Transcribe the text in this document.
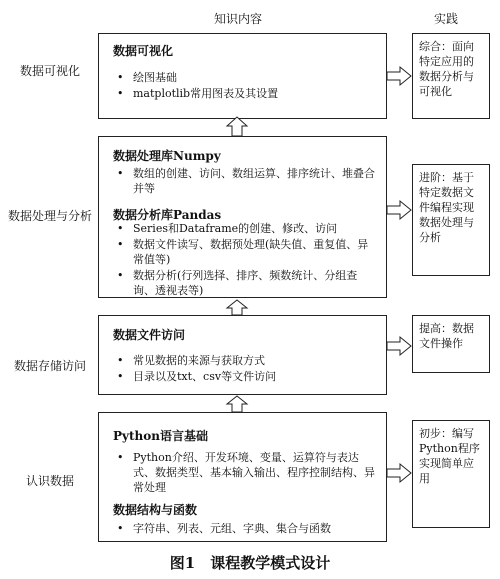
知识内容	实践
数据可视化
数据处理与分析
数据存储访问
认识数据
数据可视化
• 绘图基础
• matplotlib常用图表及其设置
数据处理库Numpy
• 数组的创建、访问、数组运算、排序统计、堆叠合并等
数据分析库Pandas
• Series和Dataframe的创建、修改、访问
• 数据文件读写、数据预处理(缺失值、重复值、异常值等)
• 数据分析(行列选择、排序、频数统计、分组查询、透视表等)
数据文件访问
• 常见数据的来源与获取方式
• 目录以及txt、csv等文件访问
Python语言基础
• Python介绍、开发环境、变量、运算符与表达式、数据类型、基本输入输出、程序控制结构、异常处理
数据结构与函数
• 字符串、列表、元组、字典、集合与函数
综合：面向特定应用的数据分析与可视化
进阶：基于特定数据文件编程实现数据处理与分析
提高：数据文件操作
初步：编写Python程序实现简单应用
图1　课程教学模式设计
